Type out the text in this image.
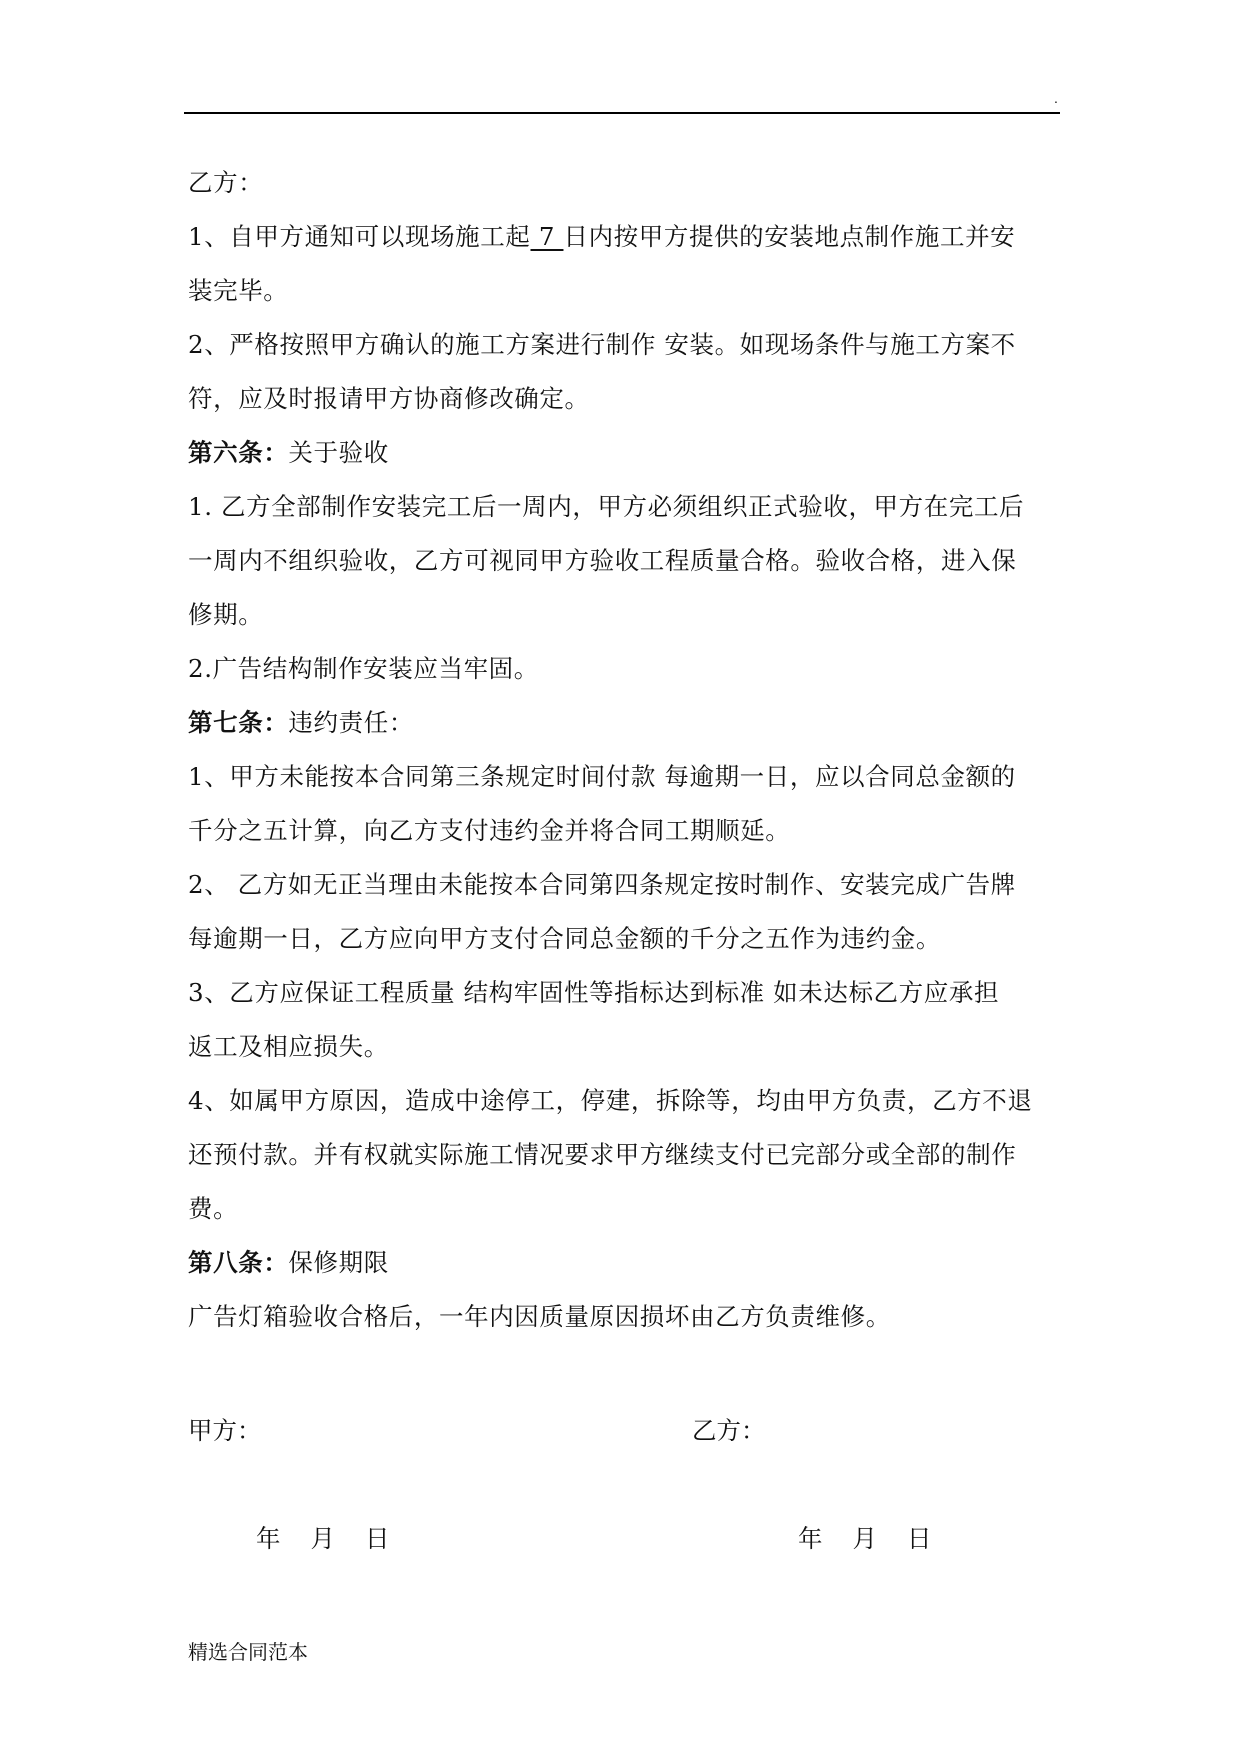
.
乙方：
1、自甲方通知可以现场施工起 7 日内按甲方提供的安装地点制作施工并安
装完毕。
2、严格按照甲方确认的施工方案进行制作 安装。如现场条件与施工方案不
符，应及时报请甲方协商修改确定。
第六条：关于验收
1. 乙方全部制作安装完工后一周内，甲方必须组织正式验收，甲方在完工后
一周内不组织验收，乙方可视同甲方验收工程质量合格。验收合格，进入保
修期。
2.广告结构制作安装应当牢固。
第七条：违约责任：
1、甲方未能按本合同第三条规定时间付款 每逾期一日，应以合同总金额的
千分之五计算，向乙方支付违约金并将合同工期顺延。
2、 乙方如无正当理由未能按本合同第四条规定按时制作、安装完成广告牌
每逾期一日，乙方应向甲方支付合同总金额的千分之五作为违约金。
3、乙方应保证工程质量 结构牢固性等指标达到标准 如未达标乙方应承担
返工及相应损失。
4、如属甲方原因，造成中途停工，停建，拆除等，均由甲方负责，乙方不退
还预付款。并有权就实际施工情况要求甲方继续支付已完部分或全部的制作
费。
第八条：保修期限
广告灯箱验收合格后，一年内因质量原因损坏由乙方负责维修。
甲方：	乙方：
年 月 日	年 月 日
精选合同范本
